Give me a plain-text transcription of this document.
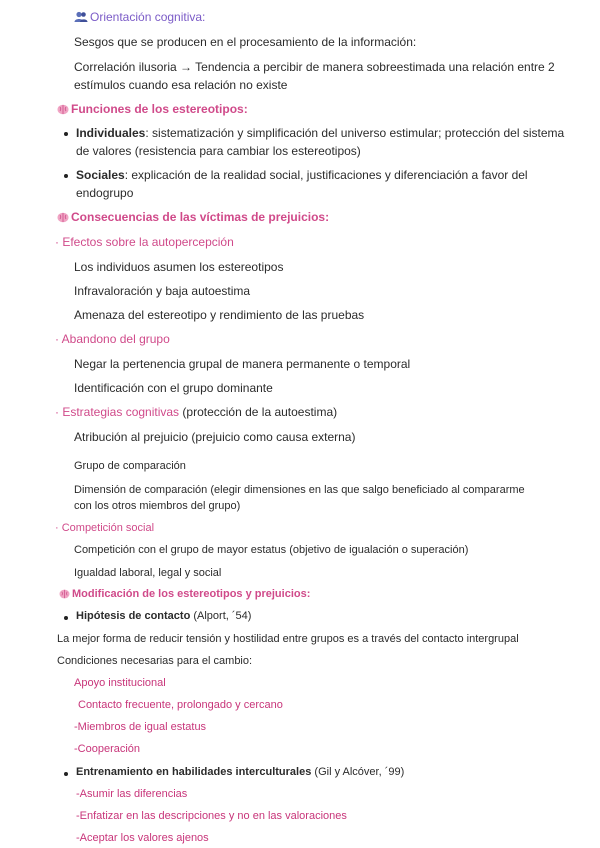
Orientación cognitiva:
Sesgos que se producen en el procesamiento de la información:
Correlación ilusoria → Tendencia a percibir de manera sobreestimada una relación entre 2
estímulos cuando esa relación no existe
Funciones de los estereotipos:
Individuales: sistematización y simplificación del universo estimular; protección del sistema
de valores (resistencia para cambiar los estereotipos)
Sociales: explicación de la realidad social, justificaciones y diferenciación a favor del
endogrupo
Consecuencias de las víctimas de prejuicios:
· Efectos sobre la autopercepción
Los individuos asumen los estereotipos
Infravaloración y baja autoestima
Amenaza del estereotipo y rendimiento de las pruebas
· Abandono del grupo
Negar la pertenencia grupal de manera permanente o temporal
Identificación con el grupo dominante
· Estrategias cognitivas (protección de la autoestima)
Atribución al prejuicio (prejuicio como causa externa)
Grupo de comparación
Dimensión de comparación (elegir dimensiones en las que salgo beneficiado al compararme
con los otros miembros del grupo)
· Competición social
Competición con el grupo de mayor estatus (objetivo de igualación o superación)
Igualdad laboral, legal y social
Modificación de los estereotipos y prejuicios:
Hipótesis de contacto (Alport, ´54)
La mejor forma de reducir tensión y hostilidad entre grupos es a través del contacto intergrupal
Condiciones necesarias para el cambio:
Apoyo institucional
Contacto frecuente, prolongado y cercano
-Miembros de igual estatus
-Cooperación
Entrenamiento en habilidades interculturales (Gil y Alcóver, ´99)
-Asumir las diferencias
-Enfatizar en las descripciones y no en las valoraciones
-Aceptar los valores ajenos
